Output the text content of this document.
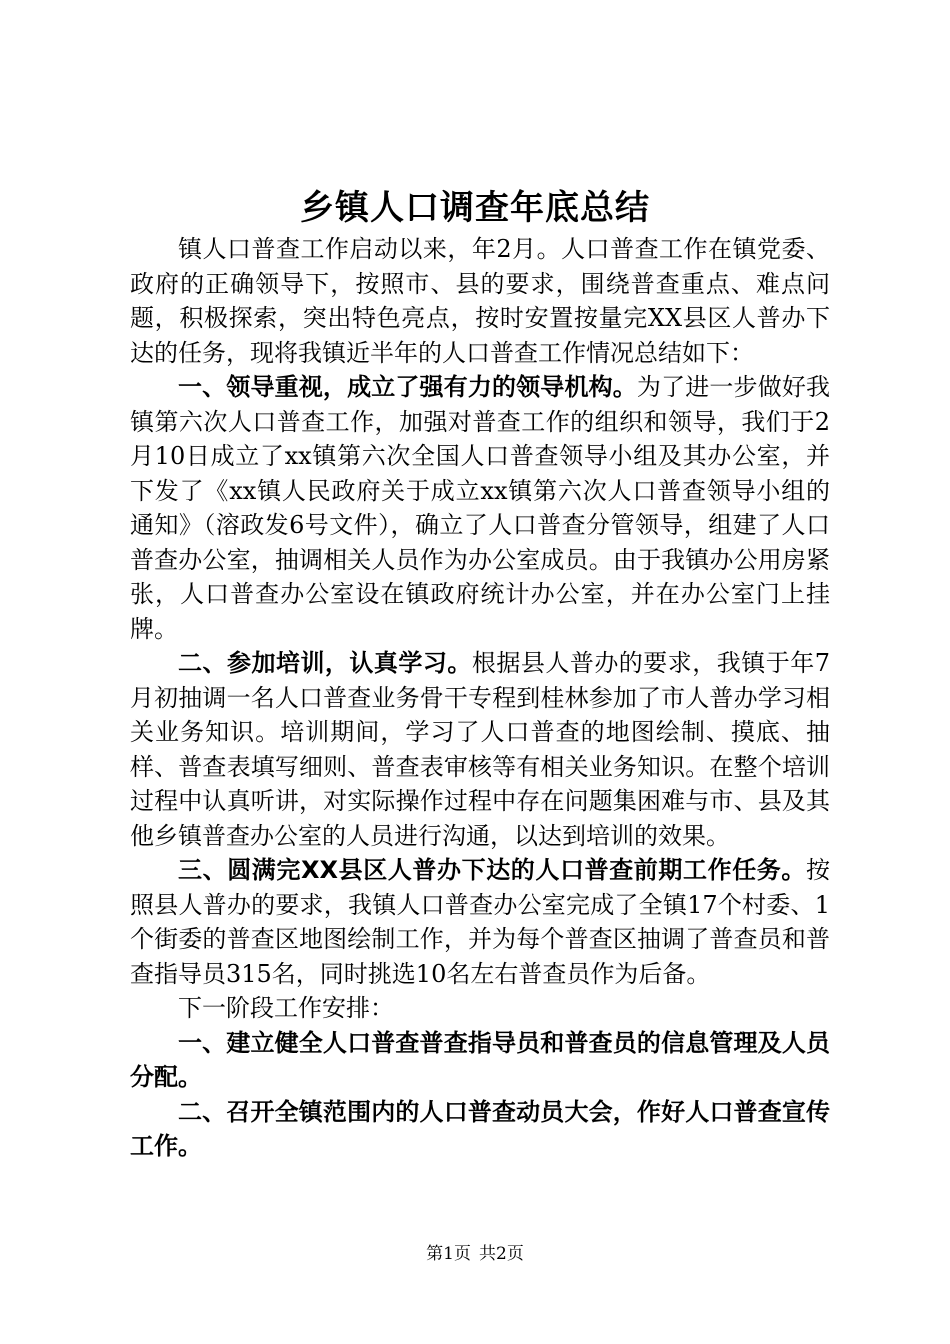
乡镇人口调查年底总结

镇人口普查工作启动以来，年2月。人口普查工作在镇党委、政府的正确领导下，按照市、县的要求，围绕普查重点、难点问题，积极探索，突出特色亮点，按时安置按量完XX县区人普办下达的任务，现将我镇近半年的人口普查工作情况总结如下：

一、领导重视，成立了强有力的领导机构。为了进一步做好我镇第六次人口普查工作，加强对普查工作的组织和领导，我们于2月10日成立了xx镇第六次全国人口普查领导小组及其办公室，并下发了《xx镇人民政府关于成立xx镇第六次人口普查领导小组的通知》（溶政发6号文件），确立了人口普查分管领导，组建了人口普查办公室，抽调相关人员作为办公室成员。由于我镇办公用房紧张，人口普查办公室设在镇政府统计办公室，并在办公室门上挂牌。

二、参加培训，认真学习。根据县人普办的要求，我镇于年7月初抽调一名人口普查业务骨干专程到桂林参加了市人普办学习相关业务知识。培训期间，学习了人口普查的地图绘制、摸底、抽样、普查表填写细则、普查表审核等有相关业务知识。在整个培训过程中认真听讲，对实际操作过程中存在问题集困难与市、县及其他乡镇普查办公室的人员进行沟通，以达到培训的效果。

三、圆满完XX县区人普办下达的人口普查前期工作任务。按照县人普办的要求，我镇人口普查办公室完成了全镇17个村委、1个街委的普查区地图绘制工作，并为每个普查区抽调了普查员和普查指导员315名，同时挑选10名左右普查员作为后备。

下一阶段工作安排：

一、建立健全人口普查普查指导员和普查员的信息管理及人员分配。

二、召开全镇范围内的人口普查动员大会，作好人口普查宣传工作。

第1页 共2页
